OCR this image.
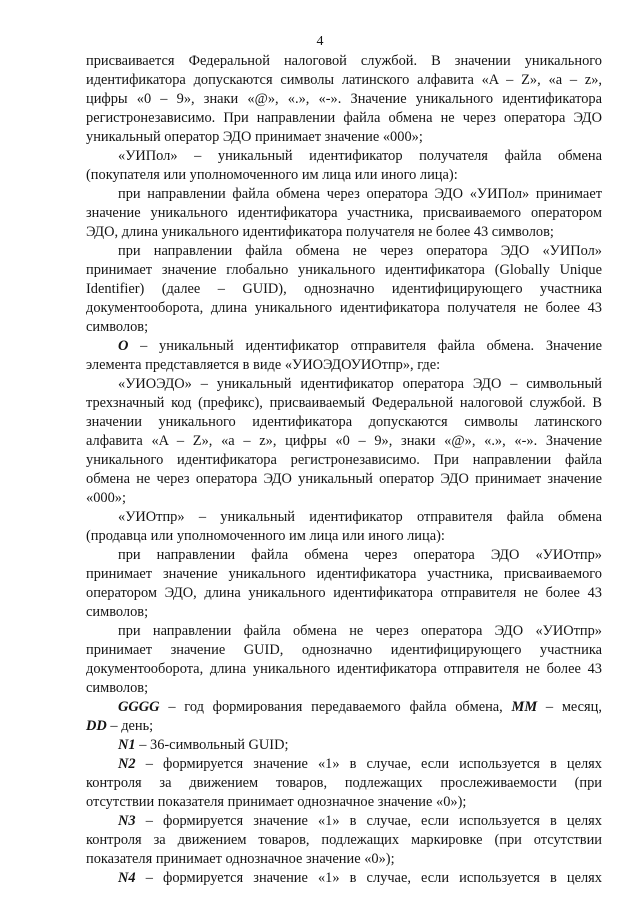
4
присваивается Федеральной налоговой службой. В значении уникального
идентификатора допускаются символы латинского алфавита «A – Z», «a – z»,
цифры «0 – 9», знаки «@», «.», «-». Значение уникального идентификатора
регистронезависимо. При направлении файла обмена не через оператора ЭДО
уникальный оператор ЭДО принимает значение «000»;
«УИПол» – уникальный идентификатор получателя файла обмена
(покупателя или уполномоченного им лица или иного лица):
при направлении файла обмена через оператора ЭДО «УИПол» принимает
значение уникального идентификатора участника, присваиваемого оператором
ЭДО, длина уникального идентификатора получателя не более 43 символов;
при направлении файла обмена не через оператора ЭДО «УИПол»
принимает значение глобально уникального идентификатора (Globally Unique
Identifier) (далее – GUID), однозначно идентифицирующего участника
документооборота, длина уникального идентификатора получателя не более 43
символов;
O – уникальный идентификатор отправителя файла обмена. Значение
элемента представляется в виде «УИОЭДОУИОтпр», где:
«УИОЭДО» – уникальный идентификатор оператора ЭДО – символьный
трехзначный код (префикс), присваиваемый Федеральной налоговой службой. В
значении уникального идентификатора допускаются символы латинского
алфавита «A – Z», «a – z», цифры «0 – 9», знаки «@», «.», «-». Значение
уникального идентификатора регистронезависимо. При направлении файла
обмена не через оператора ЭДО уникальный оператор ЭДО принимает значение
«000»;
«УИОтпр» – уникальный идентификатор отправителя файла обмена
(продавца или уполномоченного им лица или иного лица):
при направлении файла обмена через оператора ЭДО «УИОтпр»
принимает значение уникального идентификатора участника, присваиваемого
оператором ЭДО, длина уникального идентификатора отправителя не более 43
символов;
при направлении файла обмена не через оператора ЭДО «УИОтпр»
принимает значение GUID, однозначно идентифицирующего участника
документооборота, длина уникального идентификатора отправителя не более 43
символов;
GGGG – год формирования передаваемого файла обмена, MM – месяц,
DD – день;
N1 – 36-символьный GUID;
N2 – формируется значение «1» в случае, если используется в целях
контроля за движением товаров, подлежащих прослеживаемости (при
отсутствии показателя принимает однозначное значение «0»);
N3 – формируется значение «1» в случае, если используется в целях
контроля за движением товаров, подлежащих маркировке (при отсутствии
показателя принимает однозначное значение «0»);
N4 – формируется значение «1» в случае, если используется в целях
